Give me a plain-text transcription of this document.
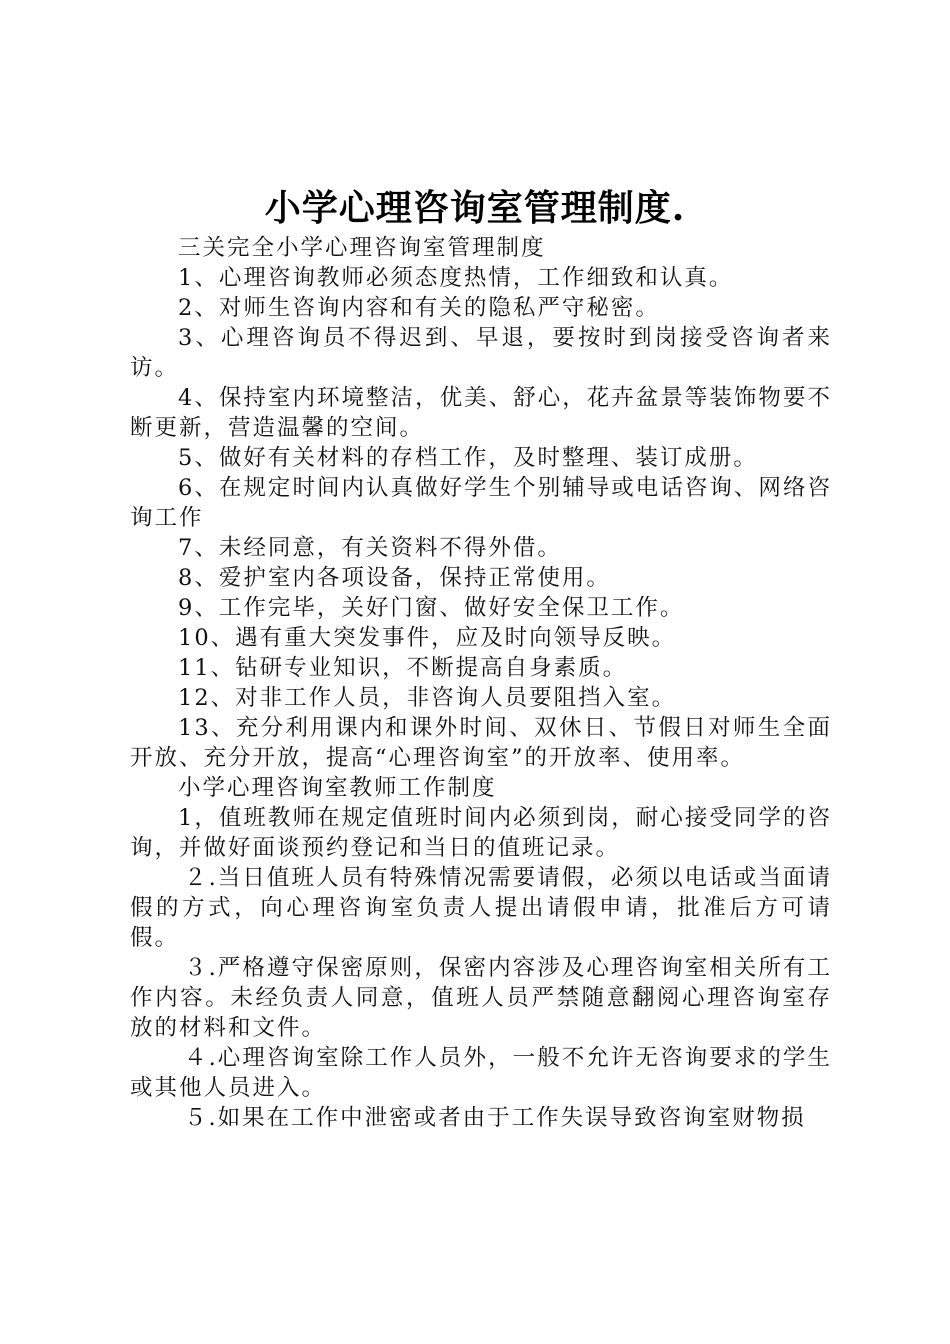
小学心理咨询室管理制度.

三关完全小学心理咨询室管理制度

1、心理咨询教师必须态度热情，工作细致和认真。

2、对师生咨询内容和有关的隐私严守秘密。

3、心理咨询员不得迟到、早退，要按时到岗接受咨询者来访。

4、保持室内环境整洁，优美、舒心，花卉盆景等装饰物要不断更新，营造温馨的空间。

5、做好有关材料的存档工作，及时整理、装订成册。

6、在规定时间内认真做好学生个别辅导或电话咨询、网络咨询工作

7、未经同意，有关资料不得外借。

8、爱护室内各项设备，保持正常使用。

9、工作完毕，关好门窗、做好安全保卫工作。

10、遇有重大突发事件，应及时向领导反映。

11、钻研专业知识，不断提高自身素质。

12、对非工作人员，非咨询人员要阻挡入室。

13、充分利用课内和课外时间、双休日、节假日对师生全面开放、充分开放，提高“心理咨询室”的开放率、使用率。

小学心理咨询室教师工作制度

1，值班教师在规定值班时间内必须到岗，耐心接受同学的咨询，并做好面谈预约登记和当日的值班记录。

２.当日值班人员有特殊情况需要请假，必须以电话或当面请假的方式，向心理咨询室负责人提出请假申请，批准后方可请假。

３.严格遵守保密原则，保密内容涉及心理咨询室相关所有工作内容。未经负责人同意，值班人员严禁随意翻阅心理咨询室存放的材料和文件。

４.心理咨询室除工作人员外，一般不允许无咨询要求的学生或其他人员进入。

５.如果在工作中泄密或者由于工作失误导致咨询室财物损
